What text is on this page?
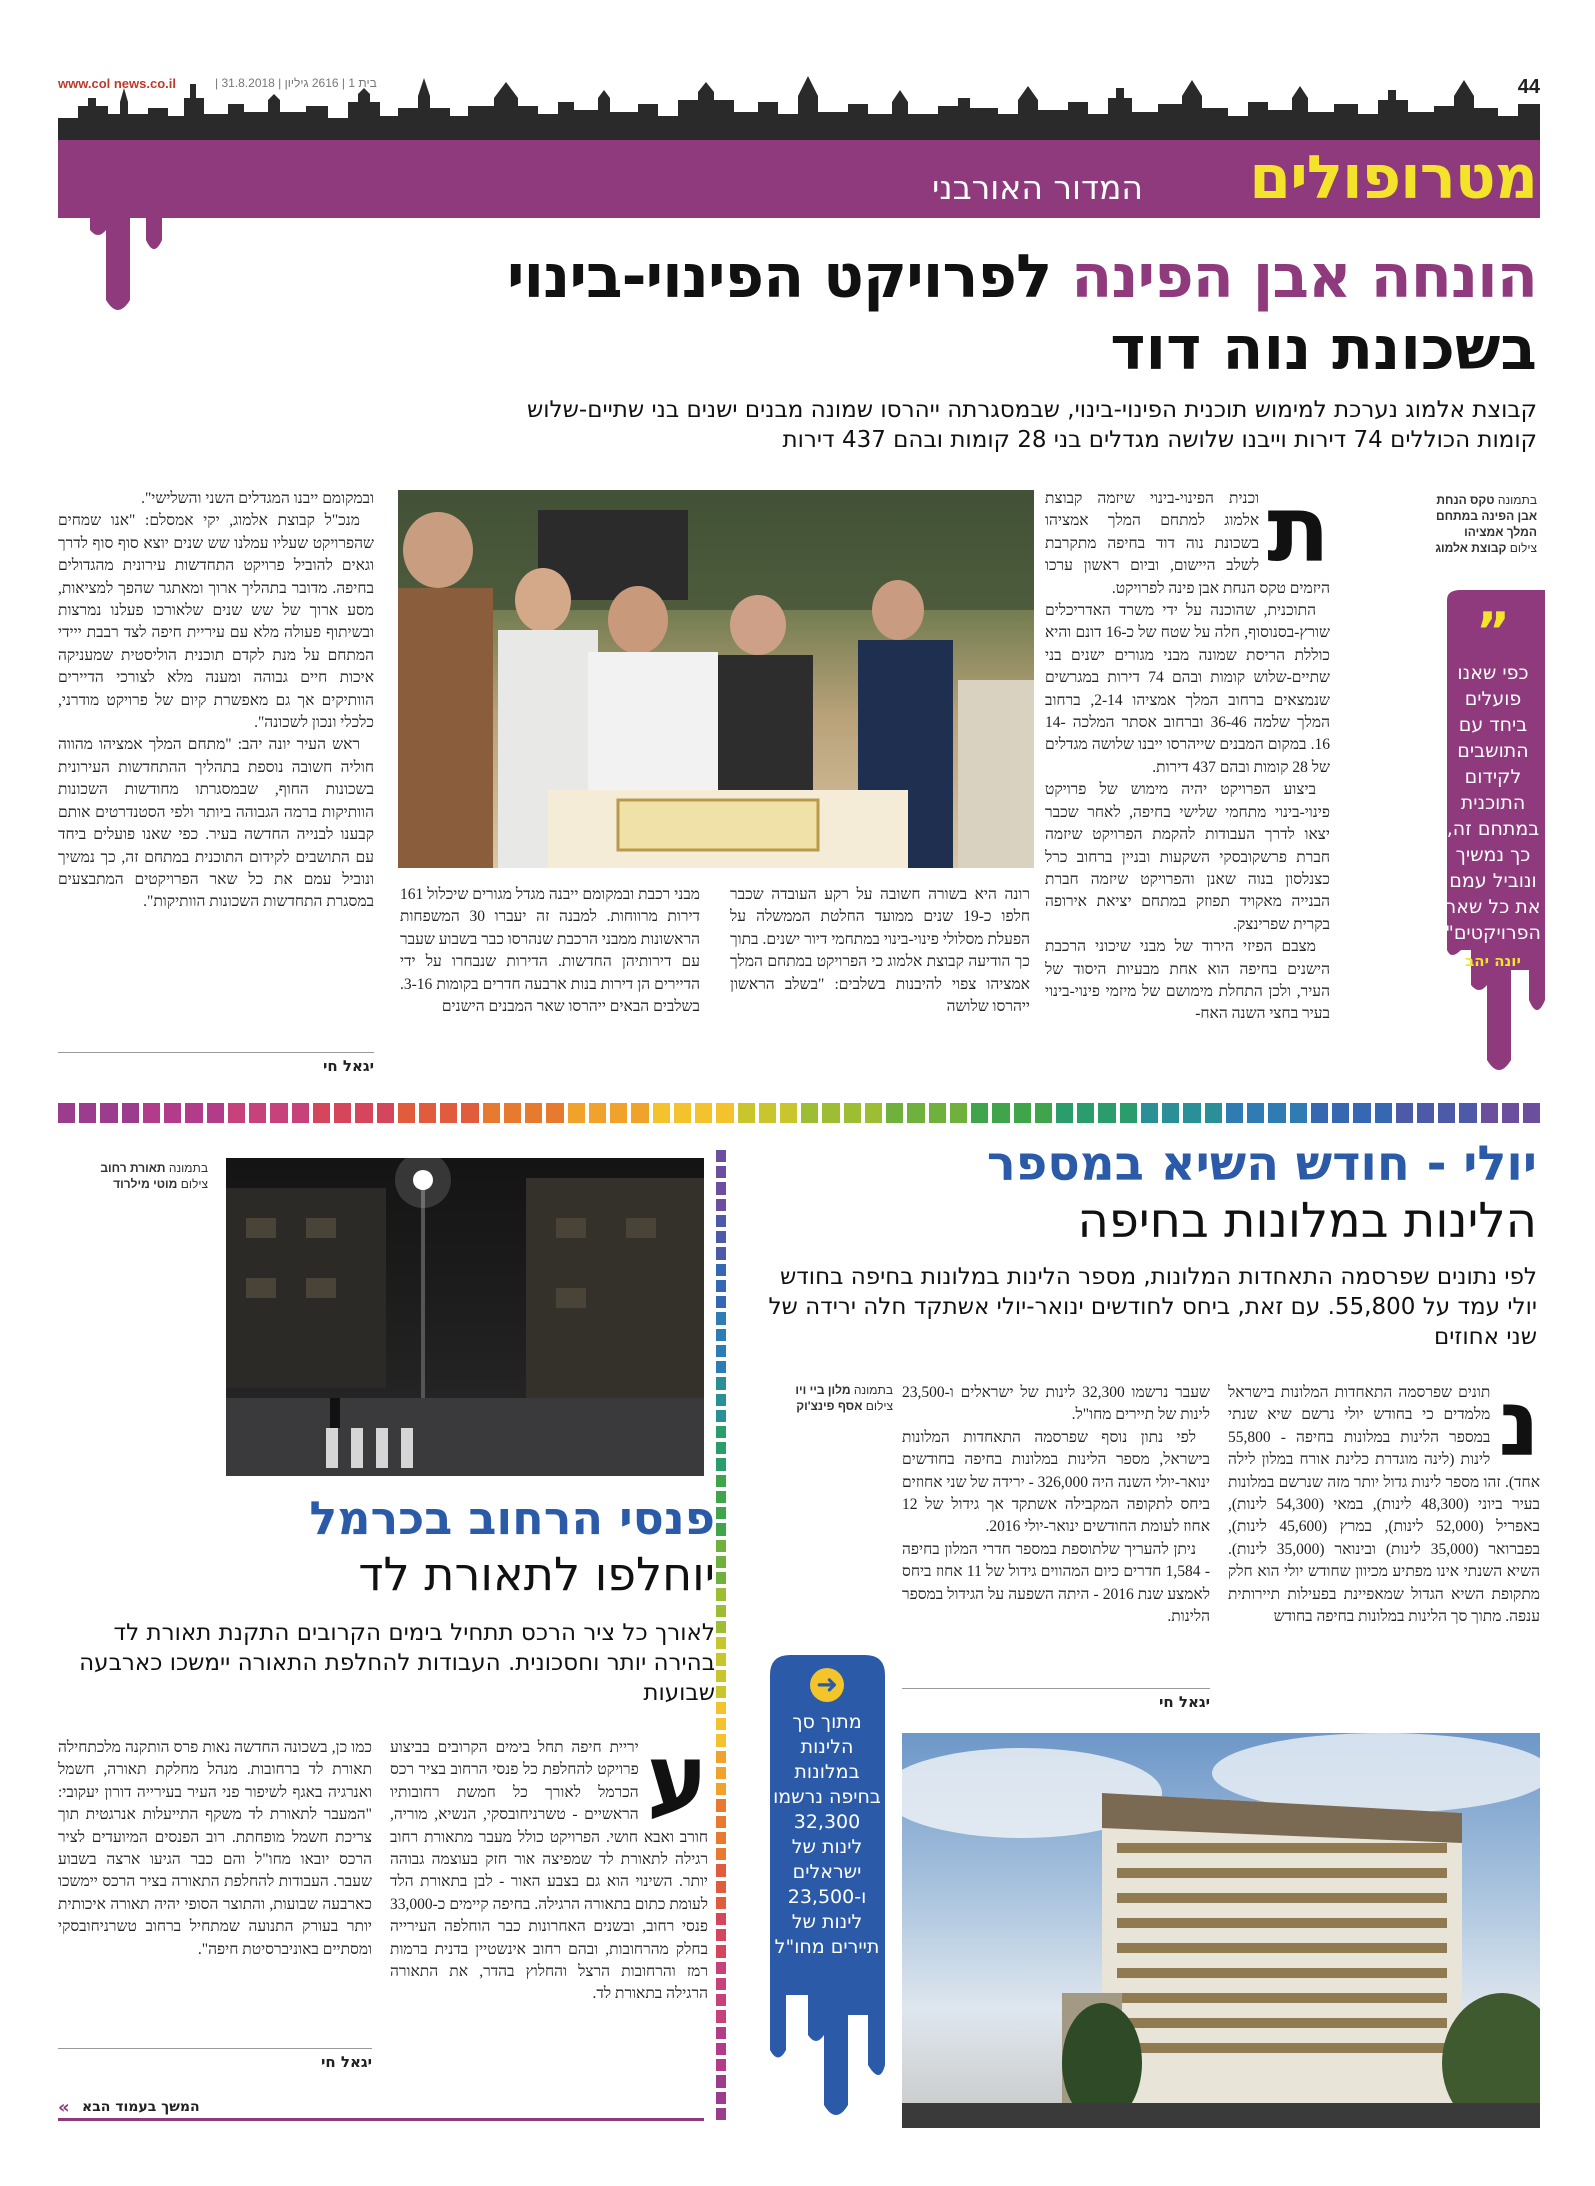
www.col news.co.il	| בית 1 | 2616 גיליון | 31.8.2018	44
מטרופולים
המדור האורבני
הונחה אבן הפינה לפרויקט הפינוי-בינוי
בשכונת נוה דוד
קבוצת אלמוג נערכת למימוש תוכנית הפינוי-בינוי, שבמסגרתה ייהרסו שמונה מבנים ישנים בני שתיים-שלוש
קומות הכוללים 74 דירות וייבנו שלושה מגדלים בני 28 קומות ובהם 437 דירות
בתמונה טקס הנחת אבן הפינה במתחם המלך אמציהו
צילום קבוצת אלמוג
”
כפי שאנו פועלים ביחד עם התושבים לקידום התוכנית במתחם זה, כך נמשיך ונוביל עמם את כל שאר הפרויקטים"
יונה יהב
ת

וכנית הפינוי-בינוי שיזמה קבוצת אלמוג למתחם המלך אמציהו בשכונת נוה דוד בחיפה מתקרבת לשלב היישום, וביום ראשון ערכו היזמים טקס הנחת אבן פינה לפרויקט.

התוכנית, שהוכנה על ידי משרד האדריכלים שורץ-בסנוסוף, חלה על שטח של כ-16 דונם והיא כוללת הריסת שמונה מבני מגורים ישנים בני שתיים-שלוש קומות ובהם 74 דירות במגרשים שנמצאים ברחוב המלך אמציהו 2-14, ברחוב המלך שלמה 36-46 וברחוב אסתר המלכה 14-16. במקום המבנים שייהרסו ייבנו שלושה מגדלים של 28 קומות ובהם 437 דירות.

ביצוע הפרויקט יהיה מימוש של פרויקט פינוי-בינוי מתחמי שלישי בחיפה, לאחר שכבר יצאו לדרך העבודות להקמת הפרויקט שיזמה חברת פרשקובסקי השקעות ובניין ברחוב כרל כצנלסון בנוה שאנן והפרויקט שיזמה חברת הבנייה מאקויד תפוזק במתחם יציאת אירופה בקרית שפרינצק.

מצבם הפיזי הירוד של מבני שיכוני הרכבת הישנים בחיפה הוא אחת מבעיות היסוד של העיר, ולכן התחלת מימושם של מיזמי פינוי-בינוי בעיר בחצי השנה האח-

רונה היא בשורה חשובה על רקע העובדה שכבר חלפו כ-19 שנים ממועד החלטת הממשלה על הפעלת מסלולי פינוי-בינוי במתחמי דיור ישנים. בתוך כך הודיעה קבוצת אלמוג כי הפרויקט במתחם המלך אמציהו צפוי להיבנות בשלבים: "בשלב הראשון ייהרסו שלושה

מבני רכבת ובמקומם ייבנה מגדל מגורים שיכלול 161 דירות מרווחות. למבנה זה יעברו 30 המשפחות הראשונות ממבני הרכבת שנהרסו כבר בשבוע שעבר עם דירותיהן החדשות. הדירות שנבחרו על ידי הדיירים הן דירות בנות ארבעה חדרים בקומות 3-16. בשלבים הבאים ייהרסו שאר המבנים הישנים

ובמקומם ייבנו המגדלים השני והשלישי".

מנכ"ל קבוצת אלמוג, יקי אמסלם: "אנו שמחים שהפרויקט שעליו עמלנו שש שנים יוצא סוף סוף לדרך וגאים להוביל פרויקט התחדשות עירונית מהגדולים בחיפה. מדובר בתהליך ארוך ומאתגר שהפך למציאות, מסע ארוך של שש שנים שלאורכו פעלנו נמרצות ובשיתוף פעולה מלא עם עיריית חיפה לצד רבבת ייידי המתחם על מנת לקדם תוכנית הוליסטית שמעניקה איכות חיים גבוהה ומענה מלא לצורכי הדיירים הוותיקים אך גם מאפשרת קיום של פרויקט מודרני, כלכלי ונכון לשכונה".

ראש העיר יונה יהב: "מתחם המלך אמציהו מהווה חוליה חשובה נוספת בתהליך ההתחדשות העירונית בשכונות החוף, שבמסגרתו מחודשות השכונות הוותיקות ברמה הגבוהה ביותר ולפי הסטנדרטים אותם קבענו לבנייה החדשה בעיר. כפי שאנו פועלים ביחד עם התושבים לקידום התוכנית במתחם זה, כך נמשיך ונוביל עמם את כל שאר הפרויקטים המתבצעים במסגרת התחדשות השכונות הוותיקות".

יגאל חי
יולי - חודש השיא במספר
הלינות במלונות בחיפה
לפי נתונים שפרסמה התאחדות המלונות, מספר הלינות במלונות בחיפה בחודש יולי עמד על 55,800. עם זאת, ביחס לחודשים ינואר-יולי אשתקד חלה ירידה של שני אחוזים
נ

תונים שפרסמה התאחדות המלונות בישראל מלמדים כי בחודש יולי נרשם שיא שנתי במספר הלינות במלונות בחיפה - 55,800 לינות (לינה מוגדרת כלינת אורח במלון לילה אחד). זהו מספר לינות גדול יותר מזה שנרשם במלונות בעיר ביוני (48,300 לינות), במאי (54,300 לינות), באפריל (52,000 לינות), במרץ (45,600 לינות), בפברואר (35,000 לינות) ובינואר (35,000 לינות). השיא השנתי אינו מפתיע מכיוון שחודש יולי הוא חלק מתקופת השיא הגדול שמאפיינת בפעילות תיירותית ענפה. מתוך סך הלינות במלונות בחיפה בחודש

שעבר נרשמו 32,300 לינות של ישראלים ו-23,500 לינות של תיירים מחו"ל.

לפי נתון נוסף שפרסמה התאחדות המלונות בישראל, מספר הלינות במלונות בחיפה בחודשים ינואר-יולי השנה היה 326,000 - ירידה של שני אחוזים ביחס לתקופה המקבילה אשתקד אך גידול של 12 אחוז לעומת החודשים ינואר-יולי 2016.

ניתן להעריך שלתוספת במספר חדרי המלון בחיפה - 1,584 חדרים כיום המהווים גידול של 11 אחוז ביחס לאמצע שנת 2016 - היתה השפעה על הגידול במספר הלינות.

יגאל חי
בתמונה מלון ביי ויו
צילום אסף פינצ'וק
➜
מתוך סך הלינות במלונות בחיפה נרשמו 32,300 לינות של ישראלים ו-23,500 לינות של תיירים מחו"ל
בתמונה תאורת רחוב
צילום מוטי מילרוד
פנסי הרחוב בכרמל
יוחלפו לתאורת לד
לאורך כל ציר הרכס תתחיל בימים הקרובים התקנת תאורת לד בהירה יותר וחסכונית. העבודות להחלפת התאורה יימשכו כארבעה שבועות
ע

יריית חיפה תחל בימים הקרובים בביצוע פרויקט להחלפת כל פנסי הרחוב בציר רכס הכרמל לאורך כל חמשת רחובותיו הראשיים - טשרניחובסקי, הנשיא, מוריה, חורב ואבא חושי. הפרויקט כולל מעבר מתאורת רחוב רגילה לתאורת לד שמפיצה אור חזק בעוצמה גבוהה יותר. השינוי הוא גם בצבע האור - לבן בתאורת הלד לעומת כתום בתאורה הרגילה. בחיפה קיימים כ-33,000 פנסי רחוב, ובשנים האחרונות כבר הוחלפה העירייה בחלק מהרחובות, ובהם רחוב אינשטיין בדנית ברמות רמז והרחובות הרצל והחלוץ בהדר, את התאורה הרגילה בתאורת לד.

כמו כן, בשכונה החדשה נאות פרס הותקנה מלכתחילה תאורת לד ברחובות. מנהל מחלקת תאורה, חשמל ואנרגיה באגף לשיפור פני העיר בעירייה דורון יעקובי: "המעבר לתאורת לד משקף התייעלות אנרגטית תוך צריכת חשמל מופחתת. רוב הפנסים המיועדים לציר הרכס יובאו מחו"ל והם כבר הגיעו ארצה בשבוע שעבר. העבודות להחלפת התאורה בציר הרכס יימשכו כארבעה שבועות, והתוצר הסופי יהיה תאורה איכותית יותר בעורק התנועה שמתחיל ברחוב טשרניחובסקי ומסתיים באוניברסיטת חיפה".

יגאל חי
« המשך בעמוד הבא
